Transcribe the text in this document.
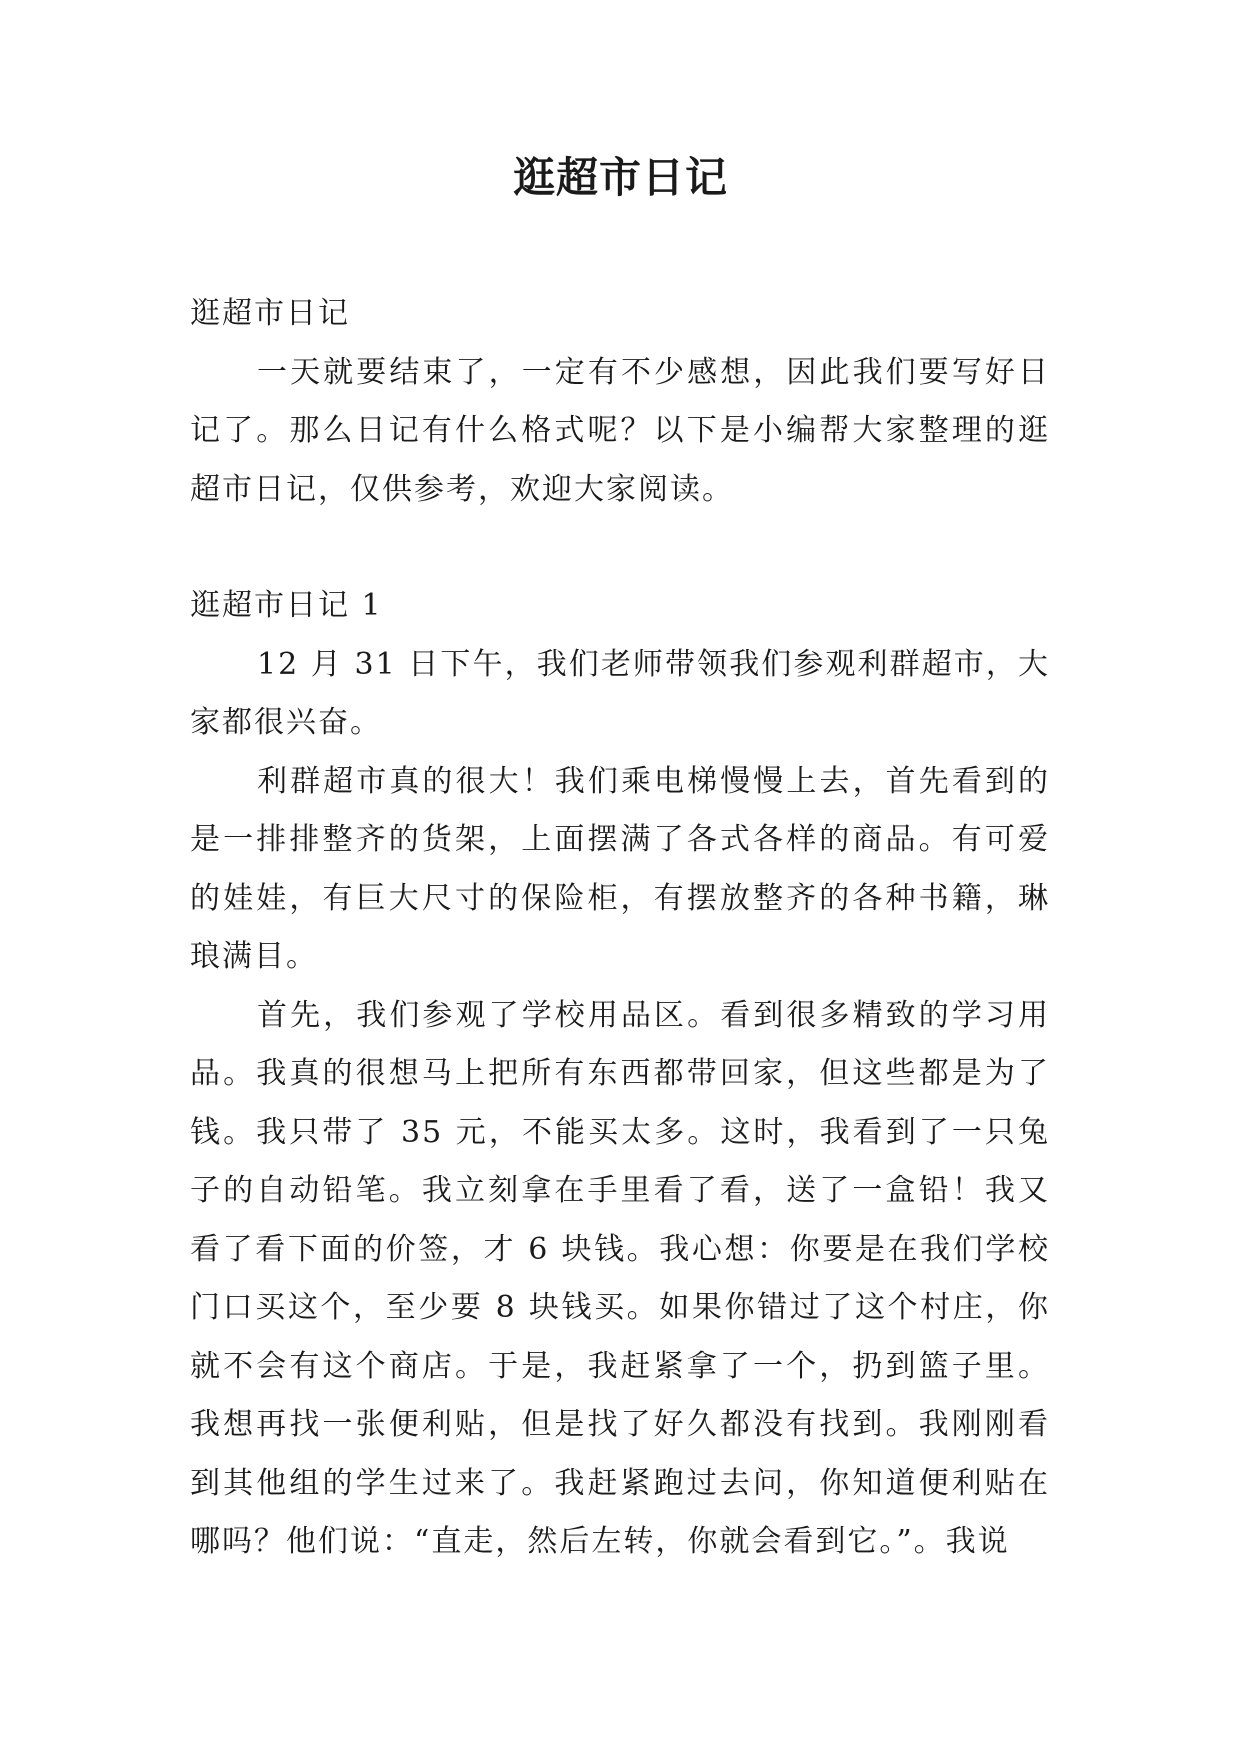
逛超市日记

逛超市日记

一天就要结束了，一定有不少感想，因此我们要写好日记了。那么日记有什么格式呢？以下是小编帮大家整理的逛超市日记，仅供参考，欢迎大家阅读。

逛超市日记 1

12 月 31 日下午，我们老师带领我们参观利群超市，大家都很兴奋。

利群超市真的很大！我们乘电梯慢慢上去，首先看到的是一排排整齐的货架，上面摆满了各式各样的商品。有可爱的娃娃，有巨大尺寸的保险柜，有摆放整齐的各种书籍，琳琅满目。

首先，我们参观了学校用品区。看到很多精致的学习用品。我真的很想马上把所有东西都带回家，但这些都是为了钱。我只带了 35 元，不能买太多。这时，我看到了一只兔子的自动铅笔。我立刻拿在手里看了看，送了一盒铅！我又看了看下面的价签，才 6 块钱。我心想：你要是在我们学校门口买这个，至少要 8 块钱买。如果你错过了这个村庄，你就不会有这个商店。于是，我赶紧拿了一个，扔到篮子里。我想再找一张便利贴，但是找了好久都没有找到。我刚刚看到其他组的学生过来了。我赶紧跑过去问，你知道便利贴在哪吗？他们说：“直走，然后左转，你就会看到它。”。我说
